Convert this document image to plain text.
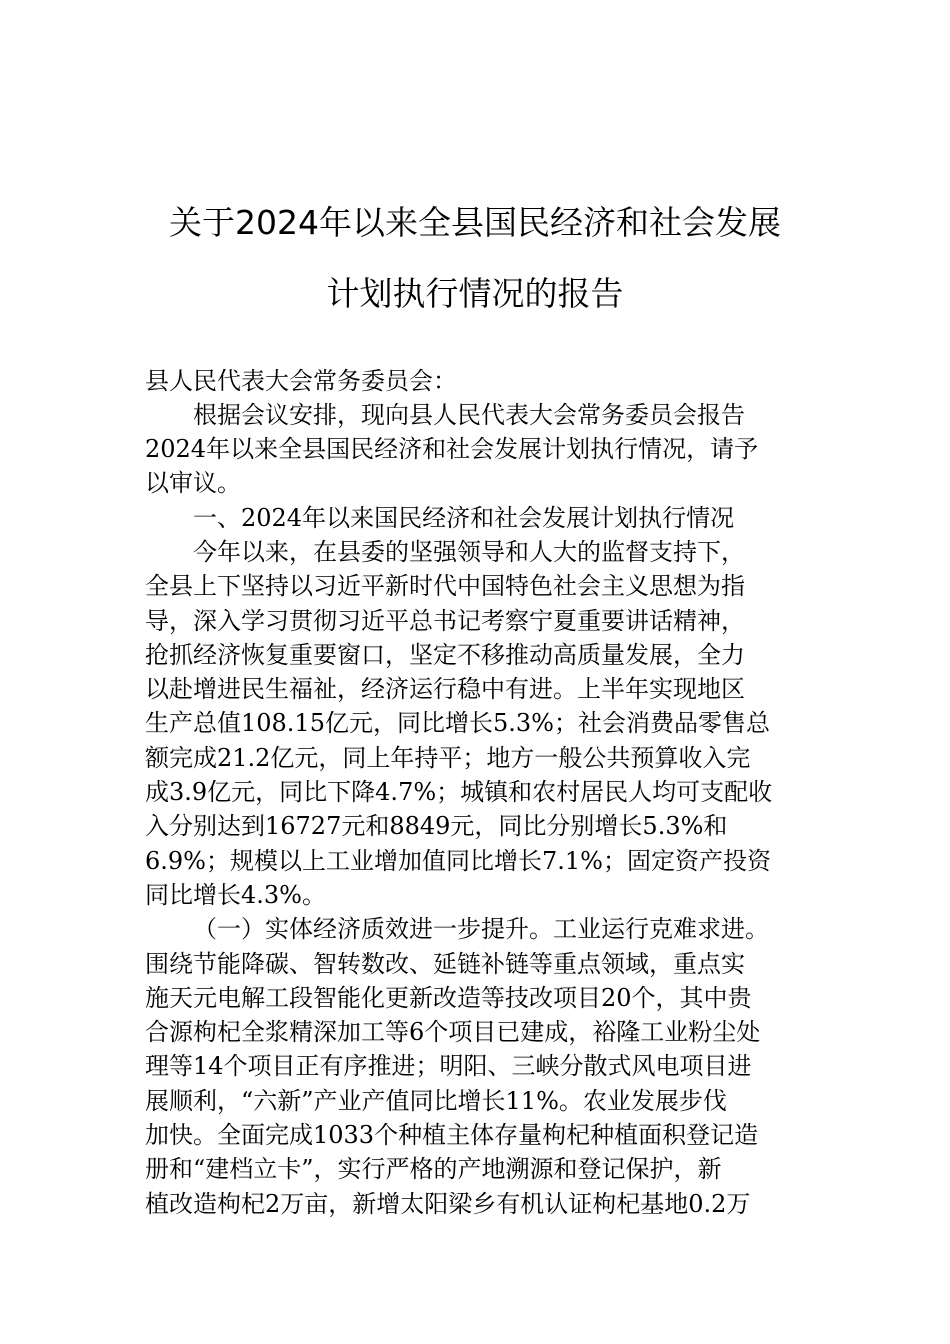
关于2024年以来全县国民经济和社会发展
计划执行情况的报告
县人民代表大会常务委员会：
根据会议安排，现向县人民代表大会常务委员会报告
2024年以来全县国民经济和社会发展计划执行情况，请予
以审议。
一、2024年以来国民经济和社会发展计划执行情况
今年以来，在县委的坚强领导和人大的监督支持下，
全县上下坚持以习近平新时代中国特色社会主义思想为指
导，深入学习贯彻习近平总书记考察宁夏重要讲话精神，
抢抓经济恢复重要窗口，坚定不移推动高质量发展，全力
以赴增进民生福祉，经济运行稳中有进。上半年实现地区
生产总值108.15亿元，同比增长5.3%；社会消费品零售总
额完成21.2亿元，同上年持平；地方一般公共预算收入完
成3.9亿元，同比下降4.7%；城镇和农村居民人均可支配收
入分别达到16727元和8849元，同比分别增长5.3%和
6.9%；规模以上工业增加值同比增长7.1%；固定资产投资
同比增长4.3%。
（一）实体经济质效进一步提升。工业运行克难求进。
围绕节能降碳、智转数改、延链补链等重点领域，重点实
施天元电解工段智能化更新改造等技改项目20个，其中贵
合源枸杞全浆精深加工等6个项目已建成，裕隆工业粉尘处
理等14个项目正有序推进；明阳、三峡分散式风电项目进
展顺利，“六新”产业产值同比增长11%。农业发展步伐
加快。全面完成1033个种植主体存量枸杞种植面积登记造
册和“建档立卡”，实行严格的产地溯源和登记保护，新
植改造枸杞2万亩，新增太阳梁乡有机认证枸杞基地0.2万
